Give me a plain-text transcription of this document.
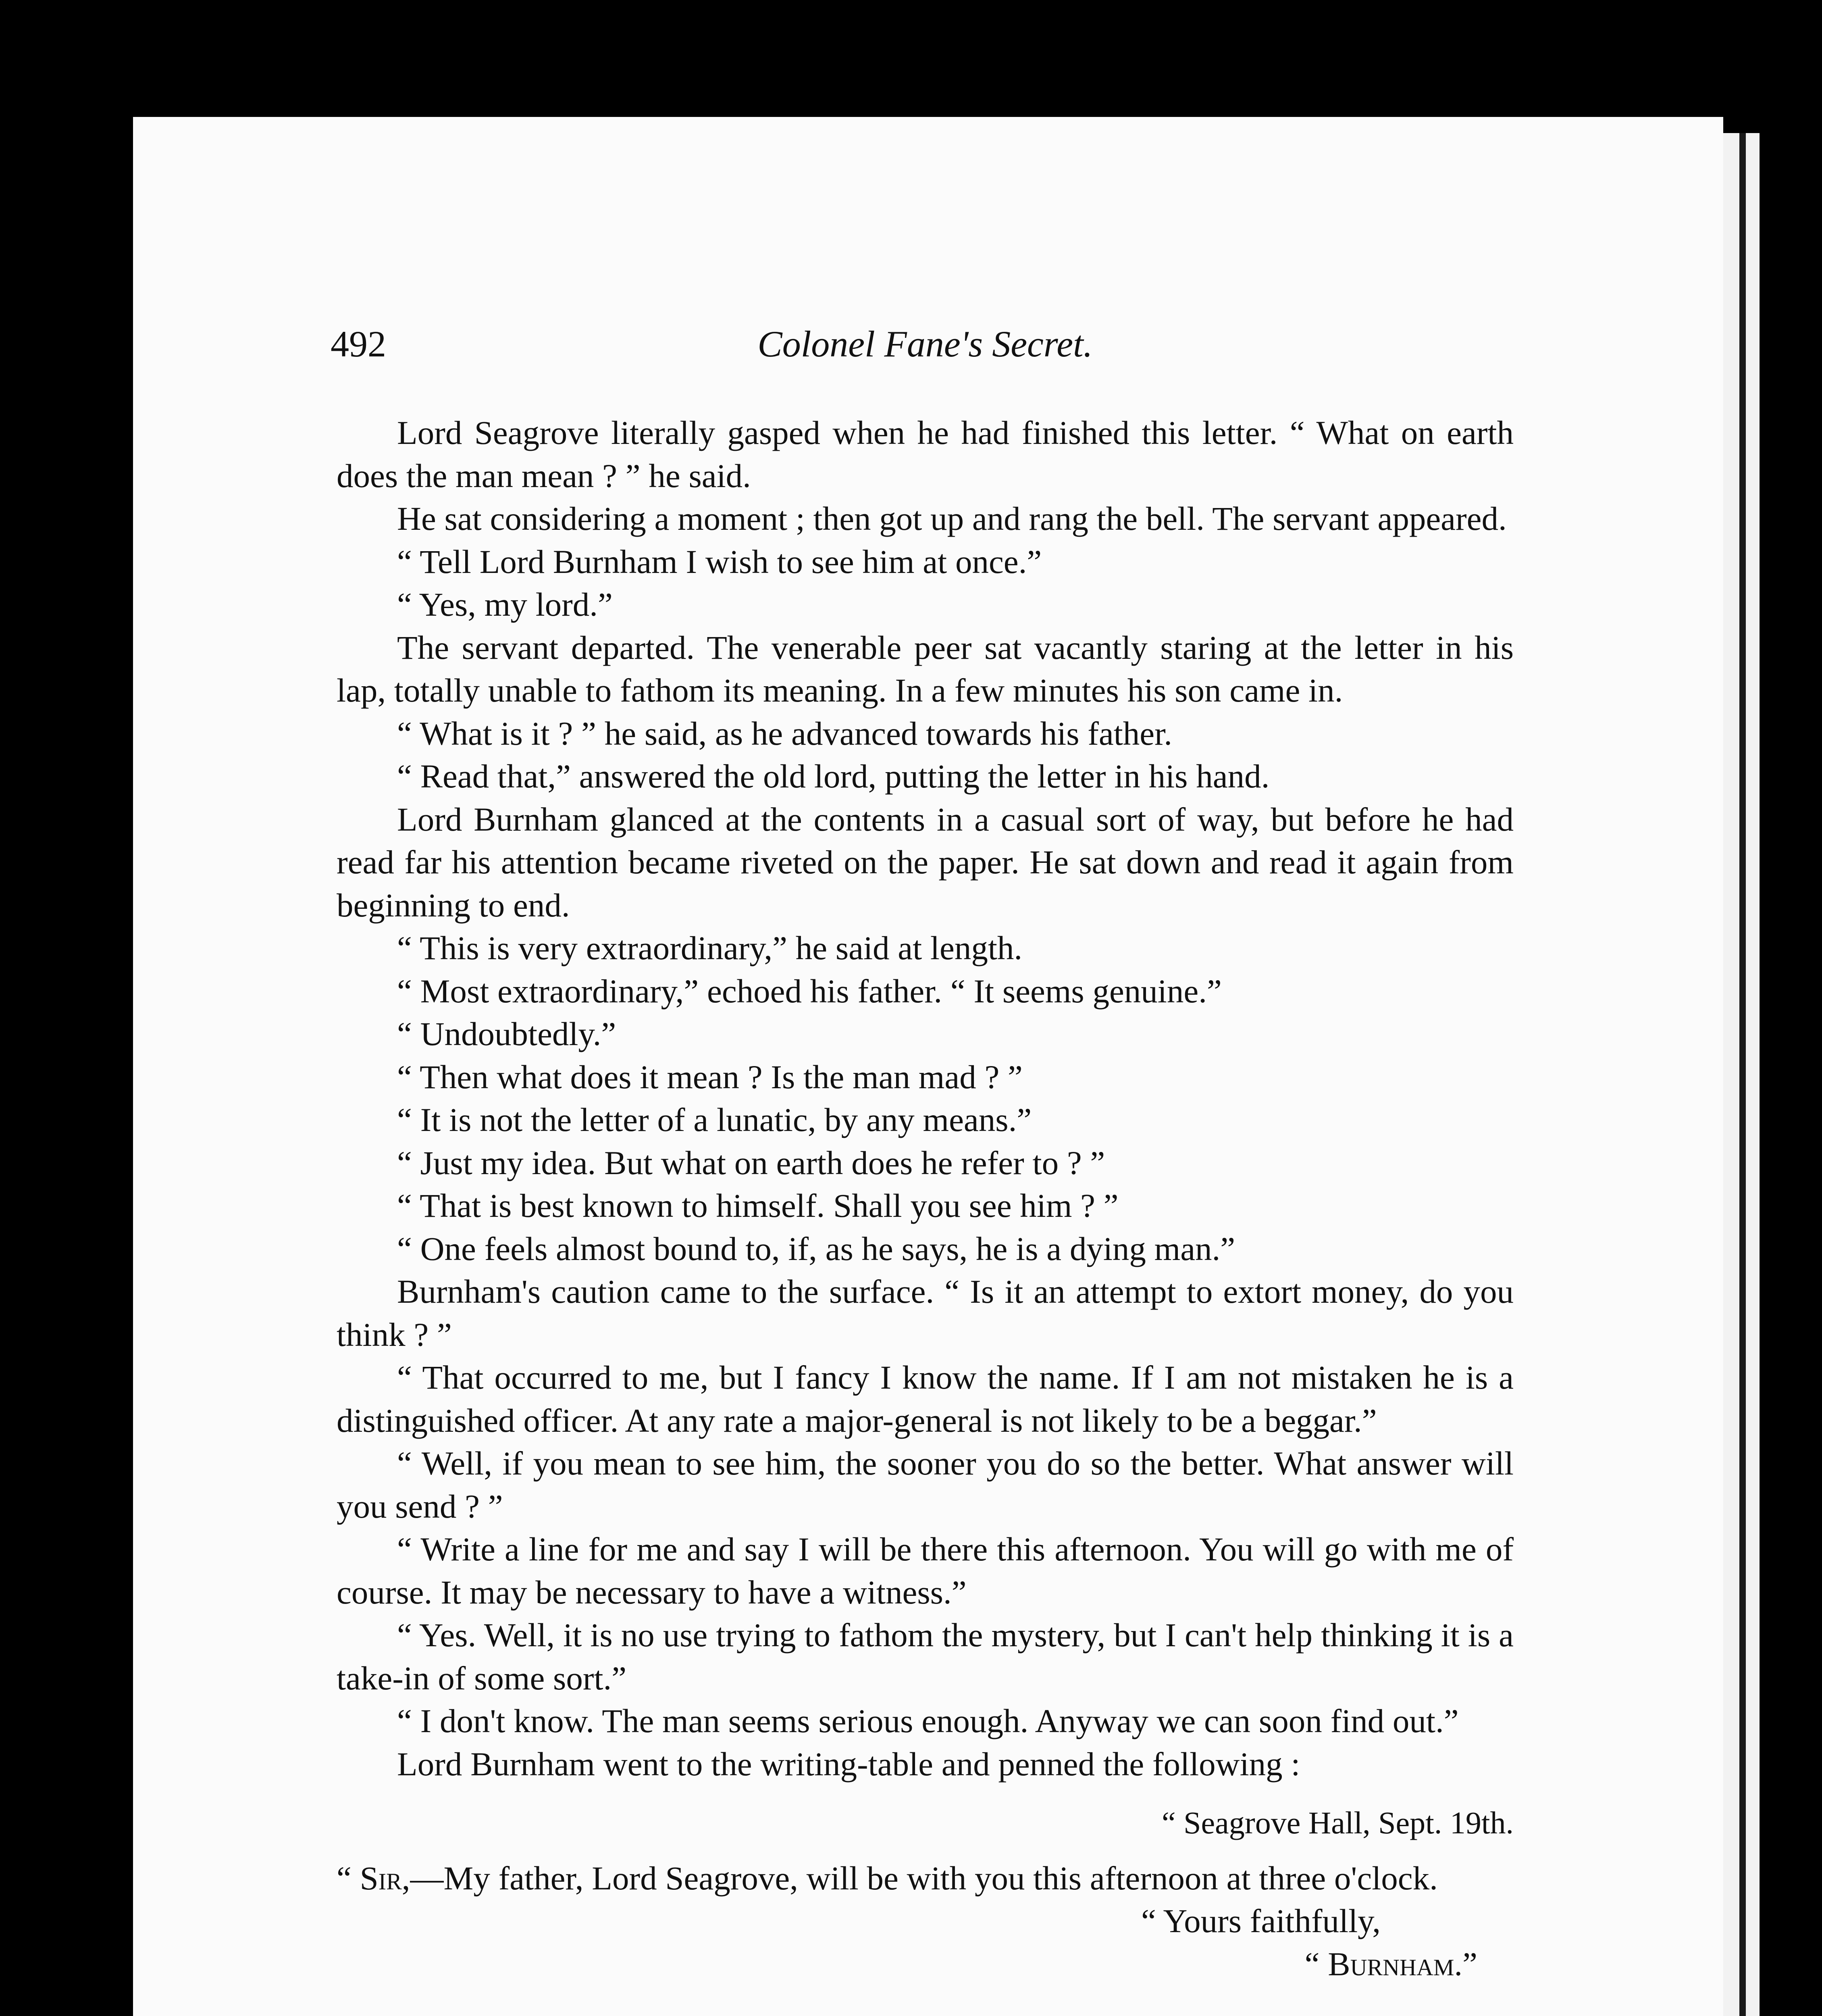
492	Colonel Fane's Secret.

Lord Seagrove literally gasped when he had finished this letter. “ What on earth does the man mean ? ” he said.

He sat considering a moment ; then got up and rang the bell. The servant appeared.

“ Tell Lord Burnham I wish to see him at once.”

“ Yes, my lord.”

The servant departed. The venerable peer sat vacantly staring at the letter in his lap, totally unable to fathom its meaning. In a few minutes his son came in.

“ What is it ? ” he said, as he advanced towards his father.

“ Read that,” answered the old lord, putting the letter in his hand.

Lord Burnham glanced at the contents in a casual sort of way, but before he had read far his attention became riveted on the paper. He sat down and read it again from beginning to end.

“ This is very extraordinary,” he said at length.

“ Most extraordinary,” echoed his father. “ It seems genuine.”

“ Undoubtedly.”

“ Then what does it mean ? Is the man mad ? ”

“ It is not the letter of a lunatic, by any means.”

“ Just my idea. But what on earth does he refer to ? ”

“ That is best known to himself. Shall you see him ? ”

“ One feels almost bound to, if, as he says, he is a dying man.”

Burnham's caution came to the surface. “ Is it an attempt to extort money, do you think ? ”

“ That occurred to me, but I fancy I know the name. If I am not mistaken he is a distinguished officer. At any rate a major-general is not likely to be a beggar.”

“ Well, if you mean to see him, the sooner you do so the better. What answer will you send ? ”

“ Write a line for me and say I will be there this afternoon. You will go with me of course. It may be necessary to have a witness.”

“ Yes. Well, it is no use trying to fathom the mystery, but I can't help thinking it is a take-in of some sort.”

“ I don't know. The man seems serious enough. Anyway we can soon find out.”

Lord Burnham went to the writing-table and penned the following :

“ Seagrove Hall, Sept. 19th.

“ Sir,—My father, Lord Seagrove, will be with you this afternoon at three o'clock.

“ Yours faithfully,

“ Burnham.”
